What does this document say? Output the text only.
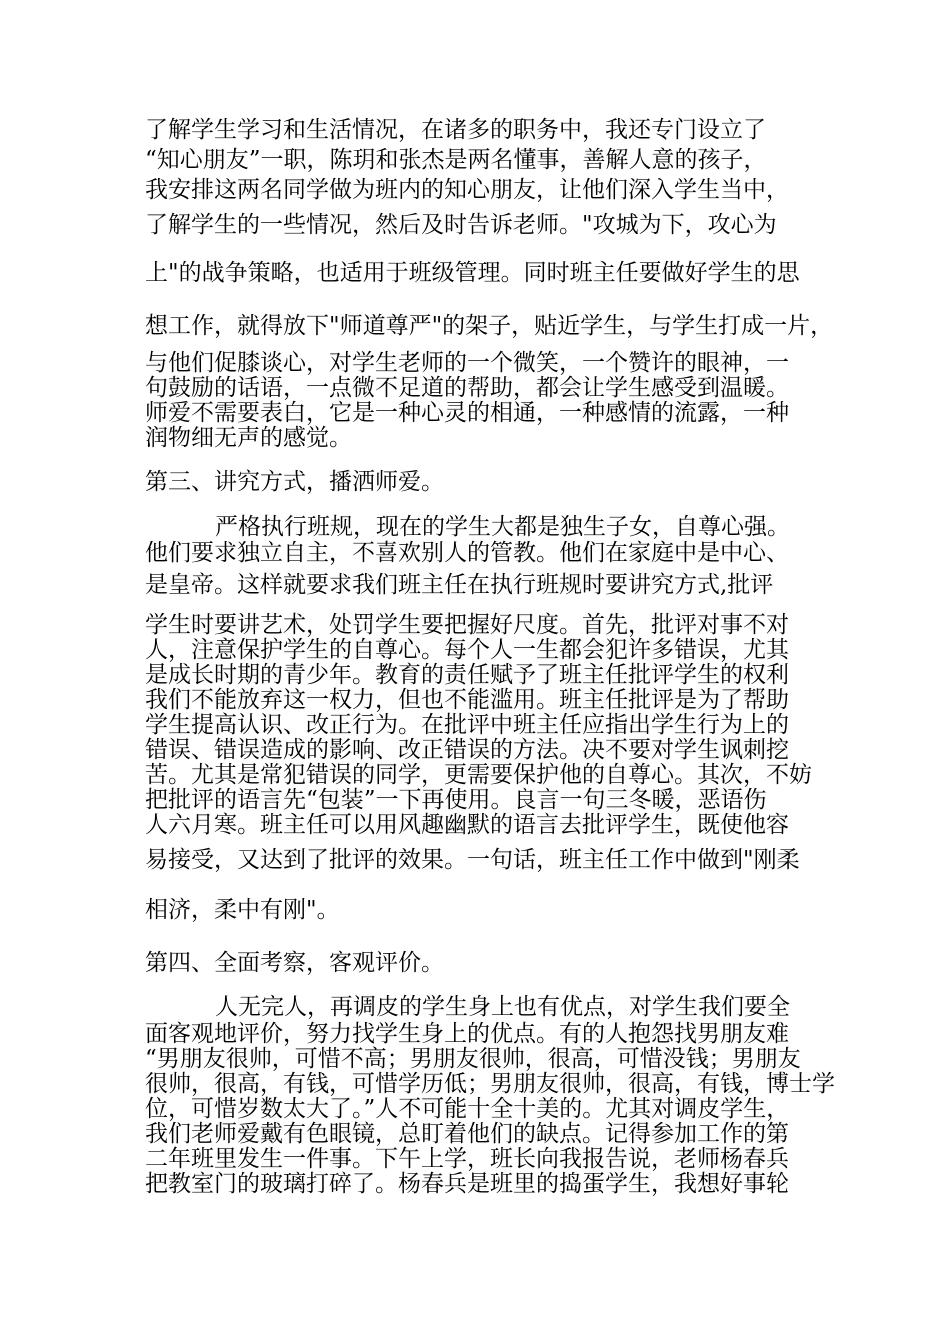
了解学生学习和生活情况，在诸多的职务中，我还专门设立了
“知心朋友”一职，陈玥和张杰是两名懂事，善解人意的孩子，
我安排这两名同学做为班内的知心朋友，让他们深入学生当中，
了解学生的一些情况，然后及时告诉老师。"攻城为下，攻心为
上"的战争策略，也适用于班级管理。同时班主任要做好学生的思
想工作，就得放下"师道尊严"的架子，贴近学生，与学生打成一片，
与他们促膝谈心，对学生老师的一个微笑，一个赞许的眼神，一
句鼓励的话语，一点微不足道的帮助，都会让学生感受到温暖。
师爱不需要表白，它是一种心灵的相通，一种感情的流露，一种
润物细无声的感觉。
第三、讲究方式，播洒师爱。
严格执行班规，现在的学生大都是独生子女，自尊心强。
他们要求独立自主，不喜欢别人的管教。他们在家庭中是中心、
是皇帝。这样就要求我们班主任在执行班规时要讲究方式,批评
学生时要讲艺术，处罚学生要把握好尺度。首先，批评对事不对
人，注意保护学生的自尊心。每个人一生都会犯许多错误，尤其
是成长时期的青少年。教育的责任赋予了班主任批评学生的权利
我们不能放弃这一权力，但也不能滥用。班主任批评是为了帮助
学生提高认识、改正行为。在批评中班主任应指出学生行为上的
错误、错误造成的影响、改正错误的方法。决不要对学生讽刺挖
苦。尤其是常犯错误的同学，更需要保护他的自尊心。其次，不妨
把批评的语言先“包装”一下再使用。良言一句三冬暖，恶语伤
人六月寒。班主任可以用风趣幽默的语言去批评学生，既使他容
易接受，又达到了批评的效果。一句话，班主任工作中做到"刚柔
相济，柔中有刚"。
第四、全面考察，客观评价。
人无完人，再调皮的学生身上也有优点，对学生我们要全
面客观地评价，努力找学生身上的优点。有的人抱怨找男朋友难
“男朋友很帅，可惜不高；男朋友很帅，很高，可惜没钱；男朋友
很帅，很高，有钱，可惜学历低；男朋友很帅，很高，有钱，博士学
位，可惜岁数太大了。”人不可能十全十美的。尤其对调皮学生，
我们老师爱戴有色眼镜，总盯着他们的缺点。记得参加工作的第
二年班里发生一件事。下午上学，班长向我报告说，老师杨春兵
把教室门的玻璃打碎了。杨春兵是班里的捣蛋学生，我想好事轮
